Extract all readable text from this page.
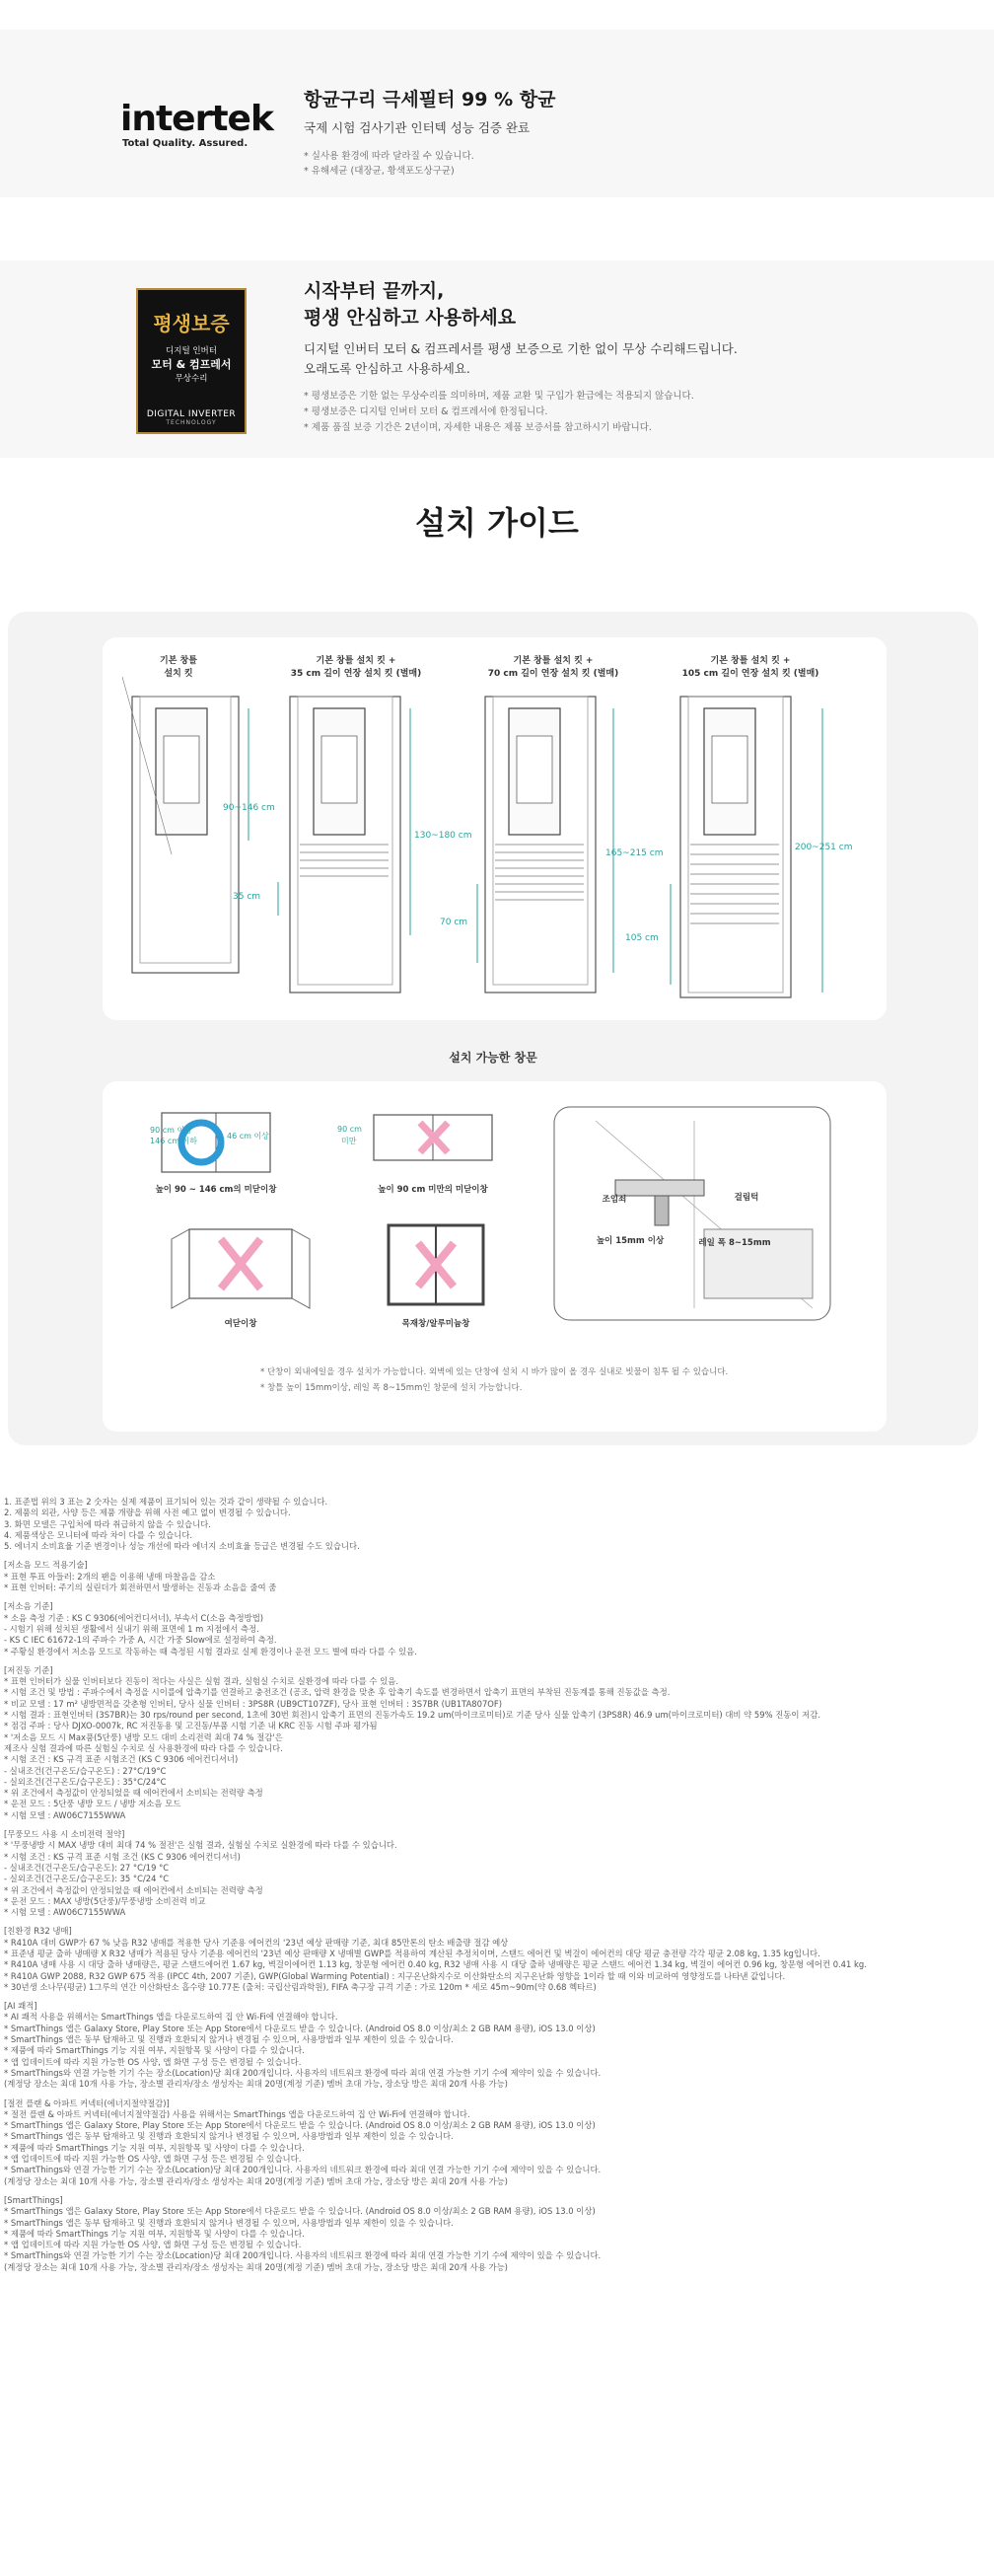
intertek
Total Quality. Assured.
항균구리 극세필터 99 % 항균
국제 시험 검사기관 인터텍 성능 검증 완료
* 실사용 환경에 따라 달라질 수 있습니다.
* 유해세균 (대장균, 황색포도상구균)
평생보증
디지털 인버터
모터 & 컴프레서
무상수리
DIGITAL INVERTER
TECHNOLOGY
시작부터 끝까지,
평생 안심하고 사용하세요
디지털 인버터 모터 & 컴프레서를 평생 보증으로 기한 없이 무상 수리해드립니다.
오래도록 안심하고 사용하세요.
* 평생보증은 기한 없는 무상수리를 의미하며, 제품 교환 및 구입가 환급에는 적용되지 않습니다.
* 평생보증은 디지털 인버터 모터 & 컴프레서에 한정됩니다.
* 제품 품질 보증 기간은 2년이며, 자세한 내용은 제품 보증서를 참고하시기 바랍니다.
설치 가이드
기본 창틀
설치 킷
기본 창틀 설치 킷 +
35 cm 길이 연장 설치 킷 (별매)
기본 창틀 설치 킷 +
70 cm 길이 연장 설치 킷 (별매)
기본 창틀 설치 킷 +
105 cm 길이 연장 설치 킷 (별매)
90~146 cm
130~180 cm
35 cm
165~215 cm
70 cm
200~251 cm
105 cm
설치 가능한 창문
90 cm 이상
146 cm 이하
46 cm 이상
90 cm
미만
높이 90 ~ 146 cm의 미닫이창	높이 90 cm 미만의 미닫이창
여닫이창	목재창/알루미늄창
조임쇠	걸림턱
높이 15mm 이상	레일 폭 8~15mm
* 단창이 외내에일을 경우 설치가 가능합니다. 외벽에 있는 단창에 설치 시 바가 많이 올 경우 실내로 빗물이 침투 될 수 있습니다.
* 창틀 높이 15mm이상, 레일 폭 8~15mm인 창문에 설치 가능합니다.
1. 표준법 위의 3 표는 2 숫자는 실제 제품이 표기되어 있는 것과 같이 생략될 수 있습니다.
2. 제품의 외관, 사양 등은 제품 개량을 위해 사전 예고 없이 변경될 수 있습니다.
3. 화면 모델은 구입처에 따라 취급하지 않을 수 있습니다.
4. 제품색상은 모니터에 따라 차이 다를 수 있습니다.
5. 에너지 소비효율 기준 변경이나 성능 개선에 따라 에너지 소비효율 등급은 변경될 수도 있습니다.
[저소음 모드 적용기술]
* 표현 투표 아들러: 2개의 팬을 이용해 냉매 마찰음을 감소
* 표현 인버터: 주기의 실린더가 회전하면서 발생하는 진동과 소음을 줄여 줌
[저소음 기준]
* 소음 측정 기준 : KS C 9306(에어컨디셔너), 부속서 C(소음 측정방법)
- 시험기 위해 설치된 생활에서 실내기 위해 표면에 1 m 지점에서 측정.
- KS C IEC 61672-1의 주파수 가중 A, 시간 가중 Slow에로 설정하여 측정.
* 주황실 환경에서 저소음 모드로 작동하는 때 측정된 시험 결과로 실제 환경이나 운전 모드 별에 따라 다를 수 있음.
[저진동 기준]
* 표현 인버터가 실물 인버터보다 진동이 적다는 사실은 실험 결과, 실험실 수치로 실환경에 따라 다를 수 있음.
* 시험 조건 및 방법 : 주파수에서 측정을 시이를에 압축기를 연결하고 충전조건 (공조, 압력 환경을 맞춘 후 압축기 속도를 변경하면서 압축기 표면의 부착된 진동계를 통해 진동값을 측정.
* 비교 모델 : 17 m² 냉방면적을 갖춘형 인버터, 당사 실물 인버터 : 3PS8R (UB9CT107ZF), 당사 표현 인버터 : 3S7BR (UB1TA807OF)
* 시험 결과 : 표현인버터 (3S7BR)는 30 rps/round per second, 1초에 30번 회전)시 압축기 표면의 진동가속도 19.2 um(마이크로미터)로 기준 당사 실물 압축기 (3PS8R) 46.9 um(마이크로미터) 대비 약 59% 진동이 저감.
* 점검 주파 : 당사 DJXO-0007k, RC 저진동용 및 고진동/부품 시험 기준 내 KRC 진동 시험 주파 평가됨
* '저소음 모드 시 Max품(5단풍) 냉방 모드 대비 소리전력 최대 74 % 절감'은
제조사 실험 결과에 따른 실험실 수치로 실 사용환경에 따라 다를 수 있습니다.
* 시험 조건 : KS 규격 표준 시험조건 (KS C 9306 에어컨디셔너)
- 실내조건(건구온도/습구온도) : 27°C/19°C
- 실외조건(건구온도/습구온도) : 35°C/24°C
* 위 조건에서 측정값이 안정되었을 때 에어컨에서 소비되는 전력량 측정
* 운전 모드 : 5단풍 냉방 모드 / 냉방 저소음 모드
* 시험 모델 : AW06C7155WWA
[무풍모드 사용 시 소비전력 절약]
* '무풍냉방 시 MAX 냉방 대비 최대 74 % 절전'은 실험 결과, 실험실 수치로 실환경에 따라 다를 수 있습니다.
* 시험 조건 : KS 규격 표준 시험 조건 (KS C 9306 에어컨디셔너)
- 실내조건(건구온도/습구온도): 27 °C/19 °C
- 실외조건(건구온도/습구온도): 35 °C/24 °C
* 위 조건에서 측정값이 안정되었을 때 에어컨에서 소비되는 전력량 측정
* 운전 모드 : MAX 냉방(5단풍)/무풍냉방 소비전력 비교
* 시험 모델 : AW06C7155WWA
[친환경 R32 냉매]
* R410A 대비 GWP가 67 % 낮음 R32 냉매를 적용한 당사 기준용 에어컨의 '23년 예상 판매량 기준, 최대 85만톤의 탄소 배출량 절감 예상
* 표준냉 평균 출하 냉매량 X R32 냉매가 적용된 당사 기준용 에어컨의 '23년 예상 판매량 X 냉매별 GWP를 적용하여 계산된 추정치이며, 스탠드 에어컨 및 벽걸이 에어컨의 대당 평균 충전량 각각 평균 2.08 kg, 1.35 kg입니다.
* R410A 냉매 사용 시 대당 출하 냉매량은, 평균 스탠드에어컨 1.67 kg, 벽걸이에어컨 1.13 kg, 창문형 에어컨 0.40 kg, R32 냉매 사용 시 대당 출하 냉매량은 평균 스탠드 에어컨 1.34 kg, 벽걸이 에어컨 0.96 kg, 창문형 에어컨 0.41 kg.
* R410A GWP 2088, R32 GWP 675 적용 (IPCC 4th, 2007 기준), GWP(Global Warming Potential) : 지구온난화지수로 이산화탄소의 지구온난화 영향을 1이라 할 때 이와 비교하여 영향정도를 나타낸 값입니다.
* 30년생 소나무(평균) 1그루의 연간 이산화탄소 흡수량 10.77톤 (출처: 국립산림과학원), FIFA 축구장 규격 기준 : 가로 120m * 세로 45m~90m(약 0.68 헥타르)
[AI 쾌적]
* AI 쾌적 사용을 위해서는 SmartThings 앱을 다운로드하여 집 안 Wi-Fi에 연결해야 합니다.
* SmartThings 앱은 Galaxy Store, Play Store 또는 App Store에서 다운로드 받을 수 있습니다. (Android OS 8.0 이상/최소 2 GB RAM 용량), iOS 13.0 이상)
* SmartThings 앱은 동부 탑재하고 및 진행과 호환되지 않거나 변경될 수 있으며, 사용방법과 일부 제한이 있을 수 있습니다.
* 제품에 따라 SmartThings 기능 지원 여부, 지원항목 및 사양이 다를 수 있습니다.
* 앱 업데이트에 따라 지원 가능한 OS 사양, 앱 화면 구성 등은 변경될 수 있습니다.
* SmartThings와 연결 가능한 기기 수는 장소(Location)당 최대 200개입니다. 사용자의 네트워크 환경에 따라 최대 연결 가능한 기기 수에 제약이 있을 수 있습니다.
(계정당 장소는 최대 10개 사용 가능, 장소별 관리자/장소 생성자는 최대 20명(계정 기준) 멤버 초대 가능, 장소당 방은 최대 20개 사용 가능)
[절전 플랜 & 아파트 커넥터(에너지절약절감)]
* 절전 플랜 & 아파트 커넥터(에너지절약절감) 사용을 위해서는 SmartThings 앱을 다운로드하여 집 안 Wi-Fi에 연결해야 합니다.
* SmartThings 앱은 Galaxy Store, Play Store 또는 App Store에서 다운로드 받을 수 있습니다. (Android OS 8.0 이상/최소 2 GB RAM 용량), iOS 13.0 이상)
* SmartThings 앱은 동부 탑재하고 및 진행과 호환되지 않거나 변경될 수 있으며, 사용방법과 일부 제한이 있을 수 있습니다.
* 제품에 따라 SmartThings 기능 지원 여부, 지원항목 및 사양이 다를 수 있습니다.
* 앱 업데이트에 따라 지원 가능한 OS 사양, 앱 화면 구성 등은 변경될 수 있습니다.
* SmartThings와 연결 가능한 기기 수는 장소(Location)당 최대 200개입니다. 사용자의 네트워크 환경에 따라 최대 연결 가능한 기기 수에 제약이 있을 수 있습니다.
(계정당 장소는 최대 10개 사용 가능, 장소별 관리자/장소 생성자는 최대 20명(계정 기준) 멤버 초대 가능, 장소당 방은 최대 20개 사용 가능)
[SmartThings]
* SmartThings 앱은 Galaxy Store, Play Store 또는 App Store에서 다운로드 받을 수 있습니다. (Android OS 8.0 이상/최소 2 GB RAM 용량), iOS 13.0 이상)
* SmartThings 앱은 동부 탑재하고 및 진행과 호환되지 않거나 변경될 수 있으며, 사용방법과 일부 제한이 있을 수 있습니다.
* 제품에 따라 SmartThings 기능 지원 여부, 지원항목 및 사양이 다를 수 있습니다.
* 앱 업데이트에 따라 지원 가능한 OS 사양, 앱 화면 구성 등은 변경될 수 있습니다.
* SmartThings와 연결 가능한 기기 수는 장소(Location)당 최대 200개입니다. 사용자의 네트워크 환경에 따라 최대 연결 가능한 기기 수에 제약이 있을 수 있습니다.
(계정당 장소는 최대 10개 사용 가능, 장소별 관리자/장소 생성자는 최대 20명(계정 기준) 멤버 초대 가능, 장소당 방은 최대 20개 사용 가능)
